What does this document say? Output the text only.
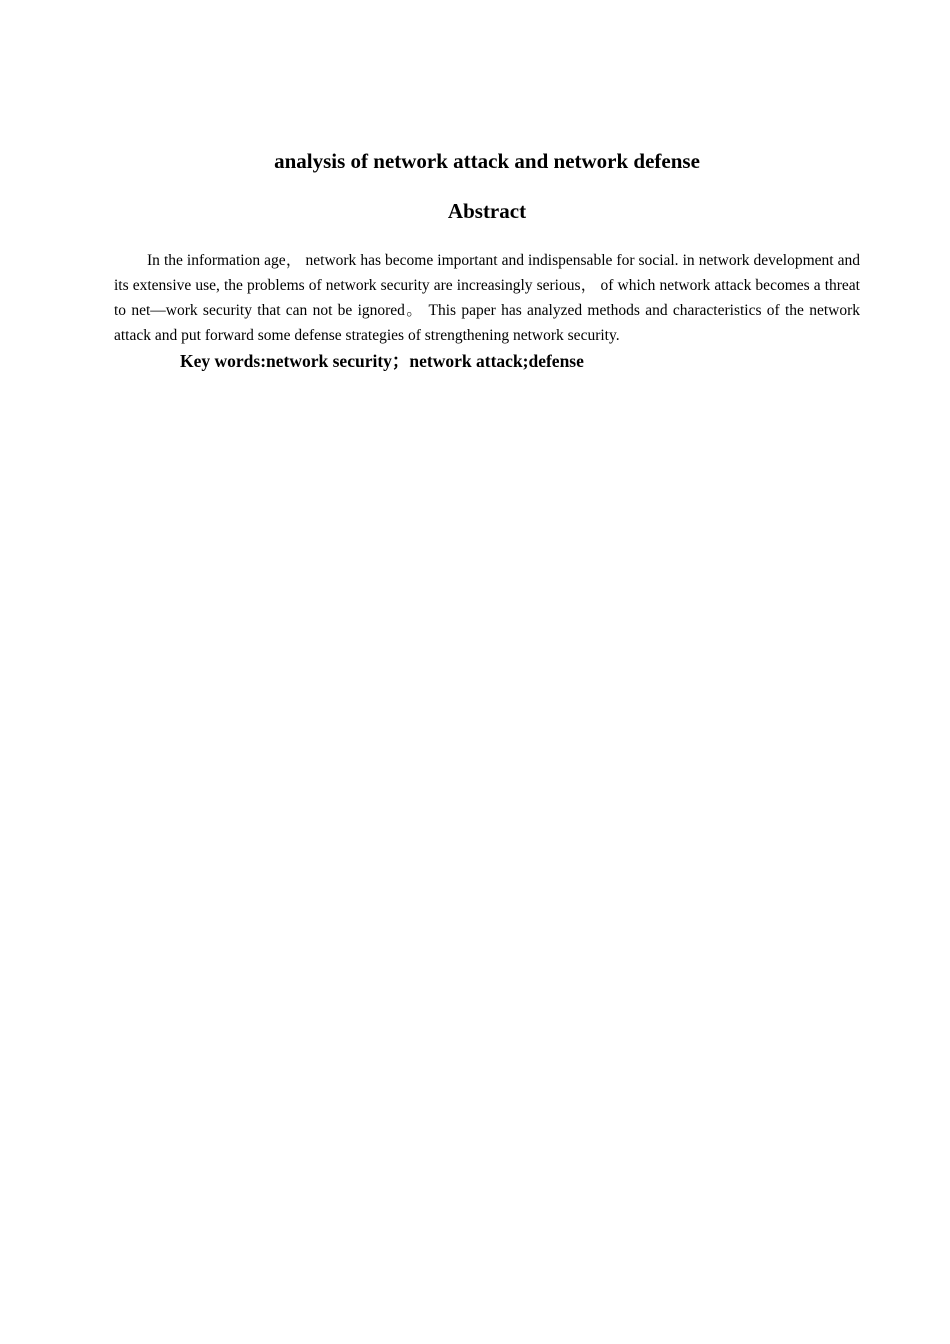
analysis of network attack and network defense
Abstract

In the information age， network has become important and indispensable for social. in network development and its extensive use, the problems of network security are increasingly serious， of which network attack becomes a threat to net—work security that can not be ignored。 This paper has analyzed methods and characteristics of the network attack and put forward some defense strategies of strengthening network security.

Key words:network security；network attack;defense
